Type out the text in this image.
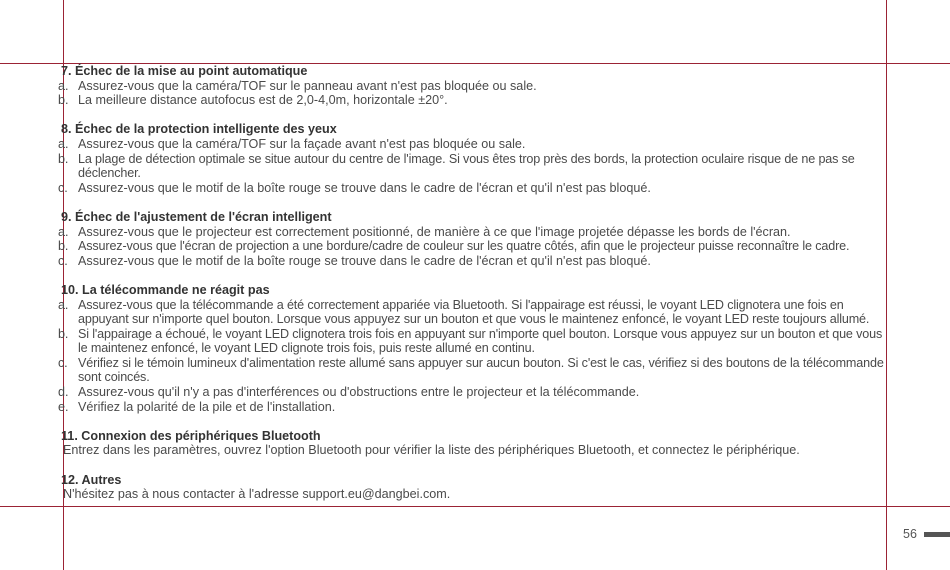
7. Échec de la mise au point automatique
a. Assurez-vous que la caméra/TOF sur le panneau avant n'est pas bloquée ou sale.
b. La meilleure distance autofocus est de 2,0-4,0m, horizontale ±20°.
8. Échec de la protection intelligente des yeux
a. Assurez-vous que la caméra/TOF sur la façade avant n'est pas bloquée ou sale.
b. La plage de détection optimale se situe autour du centre de l'image. Si vous êtes trop près des bords, la protection oculaire risque de ne pas se déclencher.
c. Assurez-vous que le motif de la boîte rouge se trouve dans le cadre de l'écran et qu'il n'est pas bloqué.
9. Échec de l'ajustement de l'écran intelligent
a. Assurez-vous que le projecteur est correctement positionné, de manière à ce que l'image projetée dépasse les bords de l'écran.
b. Assurez-vous que l'écran de projection a une bordure/cadre de couleur sur les quatre côtés, afin que le projecteur puisse reconnaître le cadre.
c. Assurez-vous que le motif de la boîte rouge se trouve dans le cadre de l'écran et qu'il n'est pas bloqué.
10. La télécommande ne réagit pas
a. Assurez-vous que la télécommande a été correctement appariée via Bluetooth. Si l'appairage est réussi, le voyant LED clignotera une fois en appuyant sur n'importe quel bouton. Lorsque vous appuyez sur un bouton et que vous le maintenez enfoncé, le voyant LED reste toujours allumé.
b. Si l'appairage a échoué, le voyant LED clignotera trois fois en appuyant sur n'importe quel bouton. Lorsque vous appuyez sur un bouton et que vous le maintenez enfoncé, le voyant LED clignote trois fois, puis reste allumé en continu.
c. Vérifiez si le témoin lumineux d'alimentation reste allumé sans appuyer sur aucun bouton. Si c'est le cas, vérifiez si des boutons de la télécommande sont coincés.
d. Assurez-vous qu'il n'y a pas d'interférences ou d'obstructions entre le projecteur et la télécommande.
e. Vérifiez la polarité de la pile et de l'installation.
11. Connexion des périphériques Bluetooth
Entrez dans les paramètres, ouvrez l'option Bluetooth pour vérifier la liste des périphériques Bluetooth, et connectez le périphérique.
12. Autres
N'hésitez pas à nous contacter à l'adresse support.eu@dangbei.com.
56
